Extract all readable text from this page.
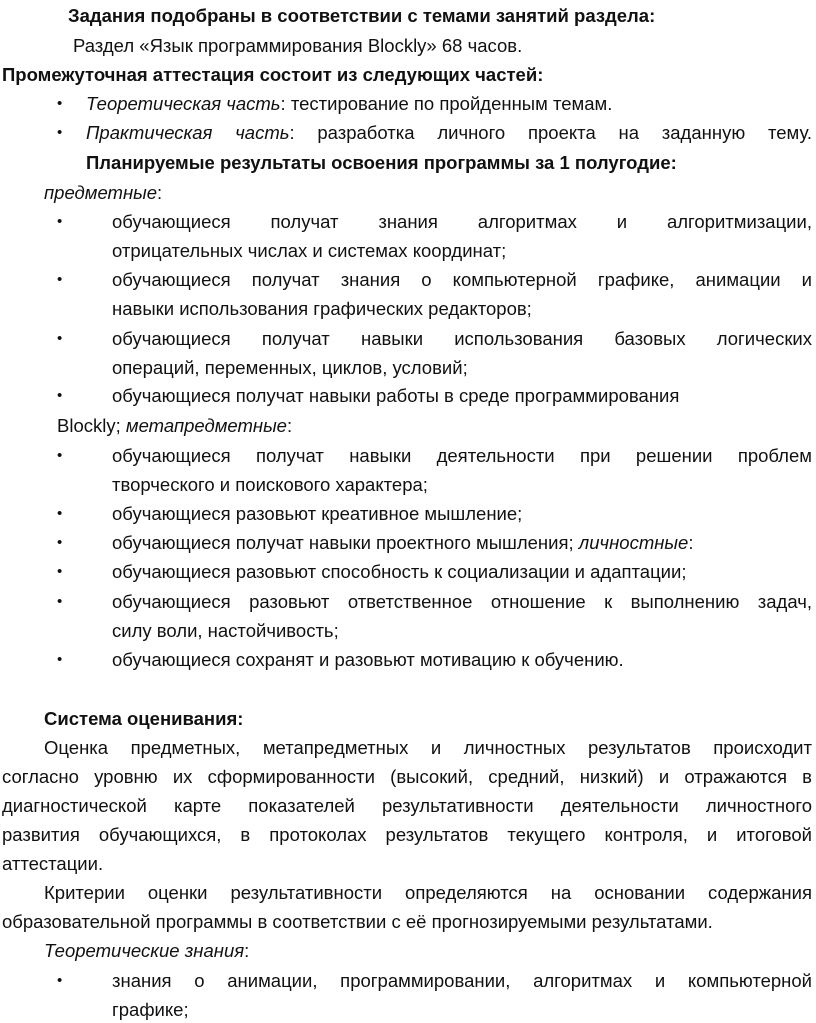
Задания подобраны в соответствии с темами занятий раздела:
Раздел «Язык программирования Blockly» 68 часов.
Промежуточная аттестация состоит из следующих частей:
• Теоретическая часть: тестирование по пройденным темам.
• Практическая часть: разработка личного проекта на заданную тему.
Планируемые результаты освоения программы за 1 полугодие:
предметные:
•	обучающиеся получат знания алгоритмах и алгоритмизации,
отрицательных числах и системах координат;
•	обучающиеся получат знания о компьютерной графике, анимации и
навыки использования графических редакторов;
•	обучающиеся получат навыки использования базовых логических
операций, переменных, циклов, условий;
•	обучающиеся получат навыки работы в среде программирования
Blockly; метапредметные:
•	обучающиеся получат навыки деятельности при решении проблем
творческого и поискового характера;
•	обучающиеся разовьют креативное мышление;
•	обучающиеся получат навыки проектного мышления; личностные:
•	обучающиеся разовьют способность к социализации и адаптации;
•	обучающиеся разовьют ответственное отношение к выполнению задач,
силу воли, настойчивость;
•	обучающиеся сохранят и разовьют мотивацию к обучению.
Система оценивания:
Оценка предметных, метапредметных и личностных результатов происходит
согласно уровню их сформированности (высокий, средний, низкий) и отражаются в
диагностической карте показателей результативности деятельности личностного
развития обучающихся, в протоколах результатов текущего контроля, и итоговой
аттестации.
Критерии оценки результативности определяются на основании содержания
образовательной программы в соответствии с её прогнозируемыми результатами.
Теоретические знания:
•	знания о анимации, программировании, алгоритмах и компьютерной
графике;
